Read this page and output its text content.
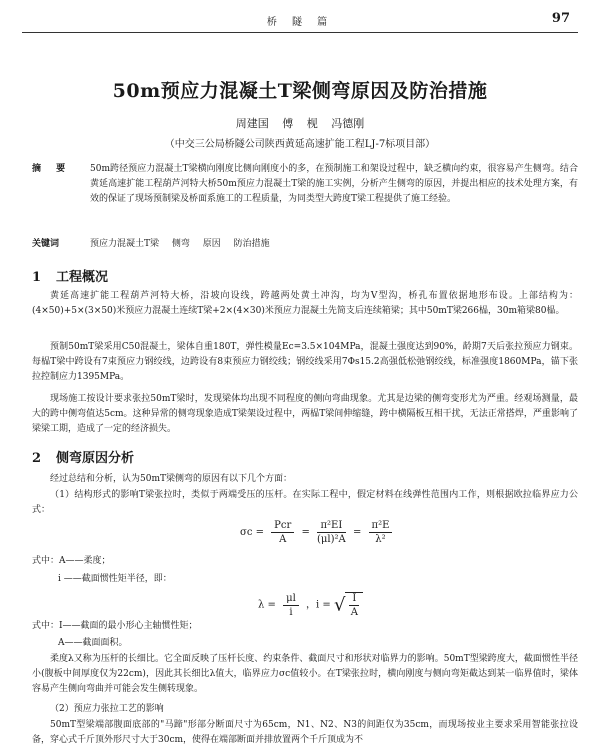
桥 隧 篇	97
50m预应力混凝土T梁侧弯原因及防治措施
周建国 傅 枧 冯德刚
（中交三公局桥隧公司陕西黄延高速扩能工程LJ-7标项目部）
摘 要 50m跨径预应力混凝土T梁横向刚度比侧向刚度小的多，在预制施工和架设过程中，缺乏横向约束，很容易产生侧弯。结合黄延高速扩能工程葫芦河特大桥50m预应力混凝土T梁的施工实例，分析产生侧弯的原因，并提出相应的技术处理方案，有效的保证了现场预制梁及桥面系施工的工程质量，为同类型大跨度T梁工程提供了施工经验。
关键词	预应力混凝土T梁 侧弯 原因 防治措施
1 工程概况
黄延高速扩能工程葫芦河特大桥，沿坡向设线，跨越两处黄土冲沟，均为V型沟，桥孔布置依据地形布设。上部结构为：(4×50)+5×(3×50)米预应力混凝土连续T梁+2×(4×30)米预应力混凝土先简支后连续箱梁；其中50mT梁266榀，30m箱梁80榀。
预制50mT梁采用C50混凝土，梁体自重180T，弹性模量Ec=3.5×104MPa，混凝土强度达到90%，龄期7天后张拉预应力钢束。每榀T梁中跨设有7束预应力钢绞线，边跨设有8束预应力钢绞线；钢绞线采用7Φs15.2高强低松弛钢绞线，标准强度1860MPa，锚下张拉控制应力1395MPa。
现场施工按设计要求张拉50mT梁时，发现梁体均出现不同程度的侧向弯曲现象。尤其是边梁的侧弯变形尤为严重。经观场测量，最大的跨中侧弯值达5cm。这种异常的侧弯现象造成T梁架设过程中，两榀T梁间伸缩缝，跨中横隔板互相干扰，无法正常搭焊，严重影响了梁梁工期，造成了一定的经济损失。
2 侧弯原因分析
经过总结和分析，认为50mT梁侧弯的原因有以下几个方面：
（1）结构形式的影响T梁张拉时，类似于两端受压的压杆。在实际工程中，假定材料在线弹性范围内工作，则根据欧拉临界应力公式：
$\sigma c = \frac{\text{Pcr}}{A} = \frac{\text{π²EI}}{\text{(μl)²A}} = \frac{\text{π²E}}{\text{λ²}}$
式中：A——柔度；
i ——截面惯性矩半径，即：
$\lambda = \frac{\mu l}{i}$ ，i = √ $\frac{I}{A}$
式中：I——截面的最小形心主轴惯性矩；
A——截面面积。
柔度λ又称为压杆的长细比。它全面反映了压杆长度、约束条件、截面尺寸和形状对临界力的影响。50mT型梁跨度大，截面惯性半径小(腹板中间厚度仅为22cm)，因此其长细比λ值大，临界应力σc值较小。在T梁张拉时，横向刚度与侧向弯矩截达到某一临界值时，梁体容易产生侧向弯曲并可能会发生侧转现象。
（2）预应力张拉工艺的影响
50mT型梁端部腹面底部的"马蹄"形部分断面尺寸为65cm，N1、N2、N3的间距仅为35cm，而现场按业主要求采用智能张拉设备，穿心式千斤顶外形尺寸大于30cm，使得在端部断面并排放置两个千斤顶成为不
